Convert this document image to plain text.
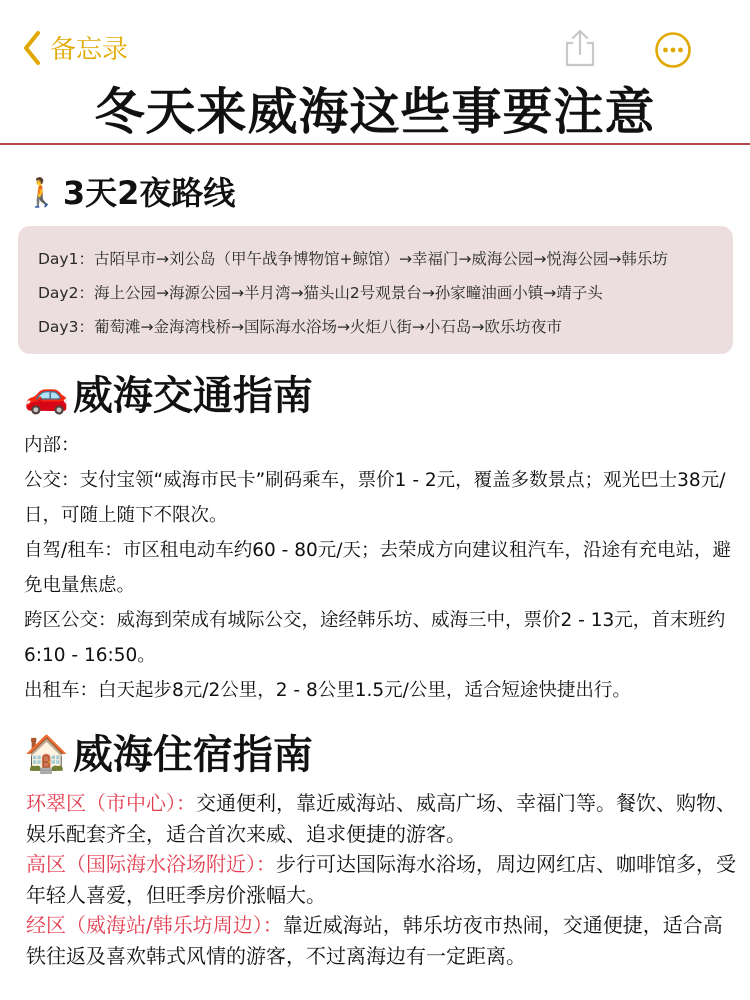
备忘录
冬天来威海这些事要注意
🚶 3天2夜路线
Day1：古陌早市→刘公岛（甲午战争博物馆+鲸馆）→幸福门→威海公园→悦海公园→韩乐坊
Day2：海上公园→海源公园→半月湾→猫头山2号观景台→孙家疃油画小镇→靖子头
Day3：葡萄滩→金海湾栈桥→国际海水浴场→火炬八街→小石岛→欧乐坊夜市
🚗 威海交通指南

内部：

公交：支付宝领“威海市民卡”刷码乘车，票价1 - 2元，覆盖多数景点；观光巴士38元/日，可随上随下不限次。

自驾/租车：市区租电动车约60 - 80元/天；去荣成方向建议租汽车，沿途有充电站，避免电量焦虑。

跨区公交：威海到荣成有城际公交，途经韩乐坊、威海三中，票价2 - 13元，首末班约6:10 - 16:50。

出租车：白天起步8元/2公里，2 - 8公里1.5元/公里，适合短途快捷出行。

🏠 威海住宿指南

环翠区（市中心）：交通便利，靠近威海站、威高广场、幸福门等。餐饮、购物、娱乐配套齐全，适合首次来威、追求便捷的游客。

高区（国际海水浴场附近）：步行可达国际海水浴场，周边网红店、咖啡馆多，受年轻人喜爱，但旺季房价涨幅大。

经区（威海站/韩乐坊周边）：靠近威海站，韩乐坊夜市热闹，交通便捷，适合高铁往返及喜欢韩式风情的游客，不过离海边有一定距离。
